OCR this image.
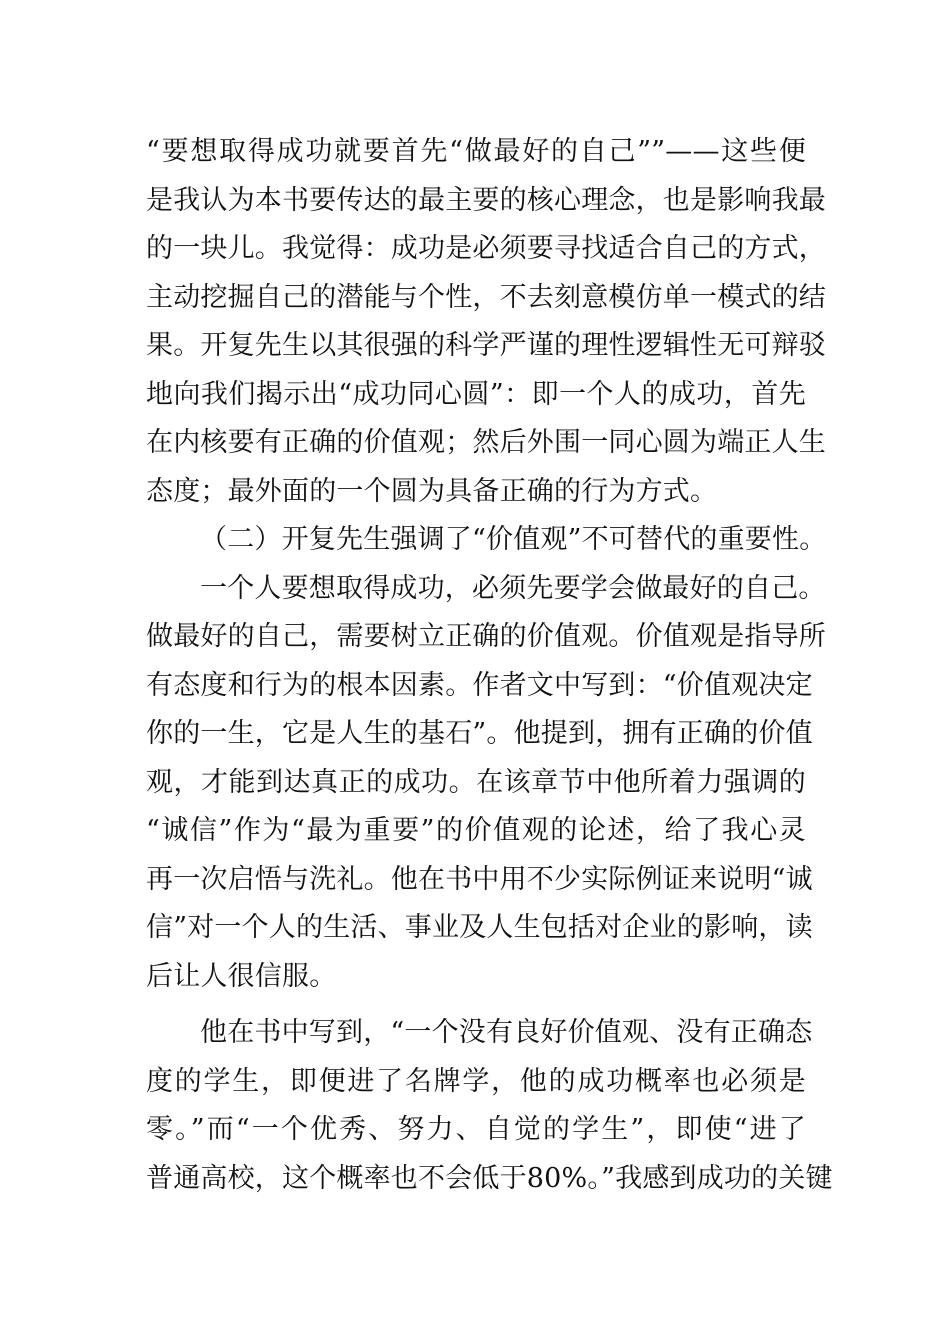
“要想取得成功就要首先“做最好的自己””——这些便
是我认为本书要传达的最主要的核心理念，也是影响我最
的一块儿。我觉得：成功是必须要寻找适合自己的方式，
主动挖掘自己的潜能与个性，不去刻意模仿单一模式的结
果。开复先生以其很强的科学严谨的理性逻辑性无可辩驳
地向我们揭示出“成功同心圆”：即一个人的成功，首先
在内核要有正确的价值观；然后外围一同心圆为端正人生
态度；最外面的一个圆为具备正确的行为方式。
（二）开复先生强调了“价值观”不可替代的重要性。
一个人要想取得成功，必须先要学会做最好的自己。
做最好的自己，需要树立正确的价值观。价值观是指导所
有态度和行为的根本因素。作者文中写到：“价值观决定
你的一生，它是人生的基石”。他提到，拥有正确的价值
观，才能到达真正的成功。在该章节中他所着力强调的
“诚信”作为“最为重要”的价值观的论述，给了我心灵
再一次启悟与洗礼。他在书中用不少实际例证来说明“诚
信”对一个人的生活、事业及人生包括对企业的影响，读
后让人很信服。
他在书中写到，“一个没有良好价值观、没有正确态
度的学生，即便进了名牌学，他的成功概率也必须是
零。”而“一个优秀、努力、自觉的学生”，即使“进了
普通高校，这个概率也不会低于80%。”我感到成功的关键
